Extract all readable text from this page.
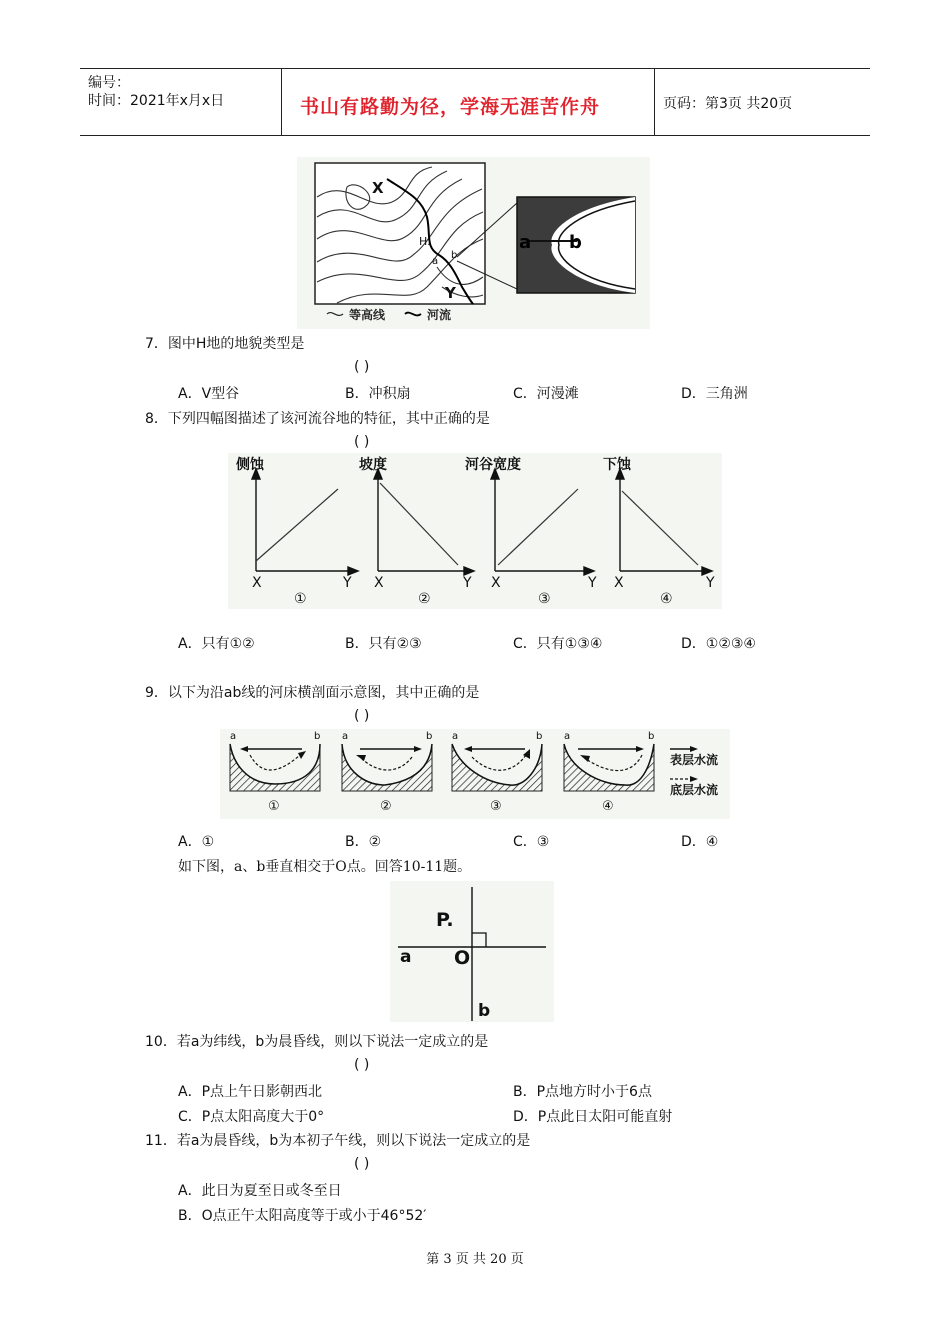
编号：
时间：2021年x月x日	书山有路勤为径，学海无涯苦作舟	页码：第3页 共20页
a b
X
Y
H.
a
b
等高线	河流
7．图中H地的地貌类型是
( )
A．V型谷	B．冲积扇	C．河漫滩	D．三角洲
8．下列四幅图描述了该河流谷地的特征，其中正确的是
( )
侧蚀	坡度	河谷宽度	下蚀
X	Y X	Y X	Y X	Y
①	②	③	④
A．只有①②	B．只有②③	C．只有①③④	D．①②③④
9．以下为沿ab线的河床横剖面示意图，其中正确的是
( )
a	b a	b a	b a	b
①	②	③	④
表层水流
底层水流
A．①	B．②	C．③	D．④
如下图，a、b垂直相交于O点。回答10-11题。
P.
a O
b
10．若a为纬线，b为晨昏线，则以下说法一定成立的是
( )
A．P点上午日影朝西北	B．P点地方时小于6点
C．P点太阳高度大于0°	D．P点此日太阳可能直射
11．若a为晨昏线，b为本初子午线，则以下说法一定成立的是
( )
A．此日为夏至日或冬至日
B．O点正午太阳高度等于或小于46°52′
第 3 页 共 20 页
